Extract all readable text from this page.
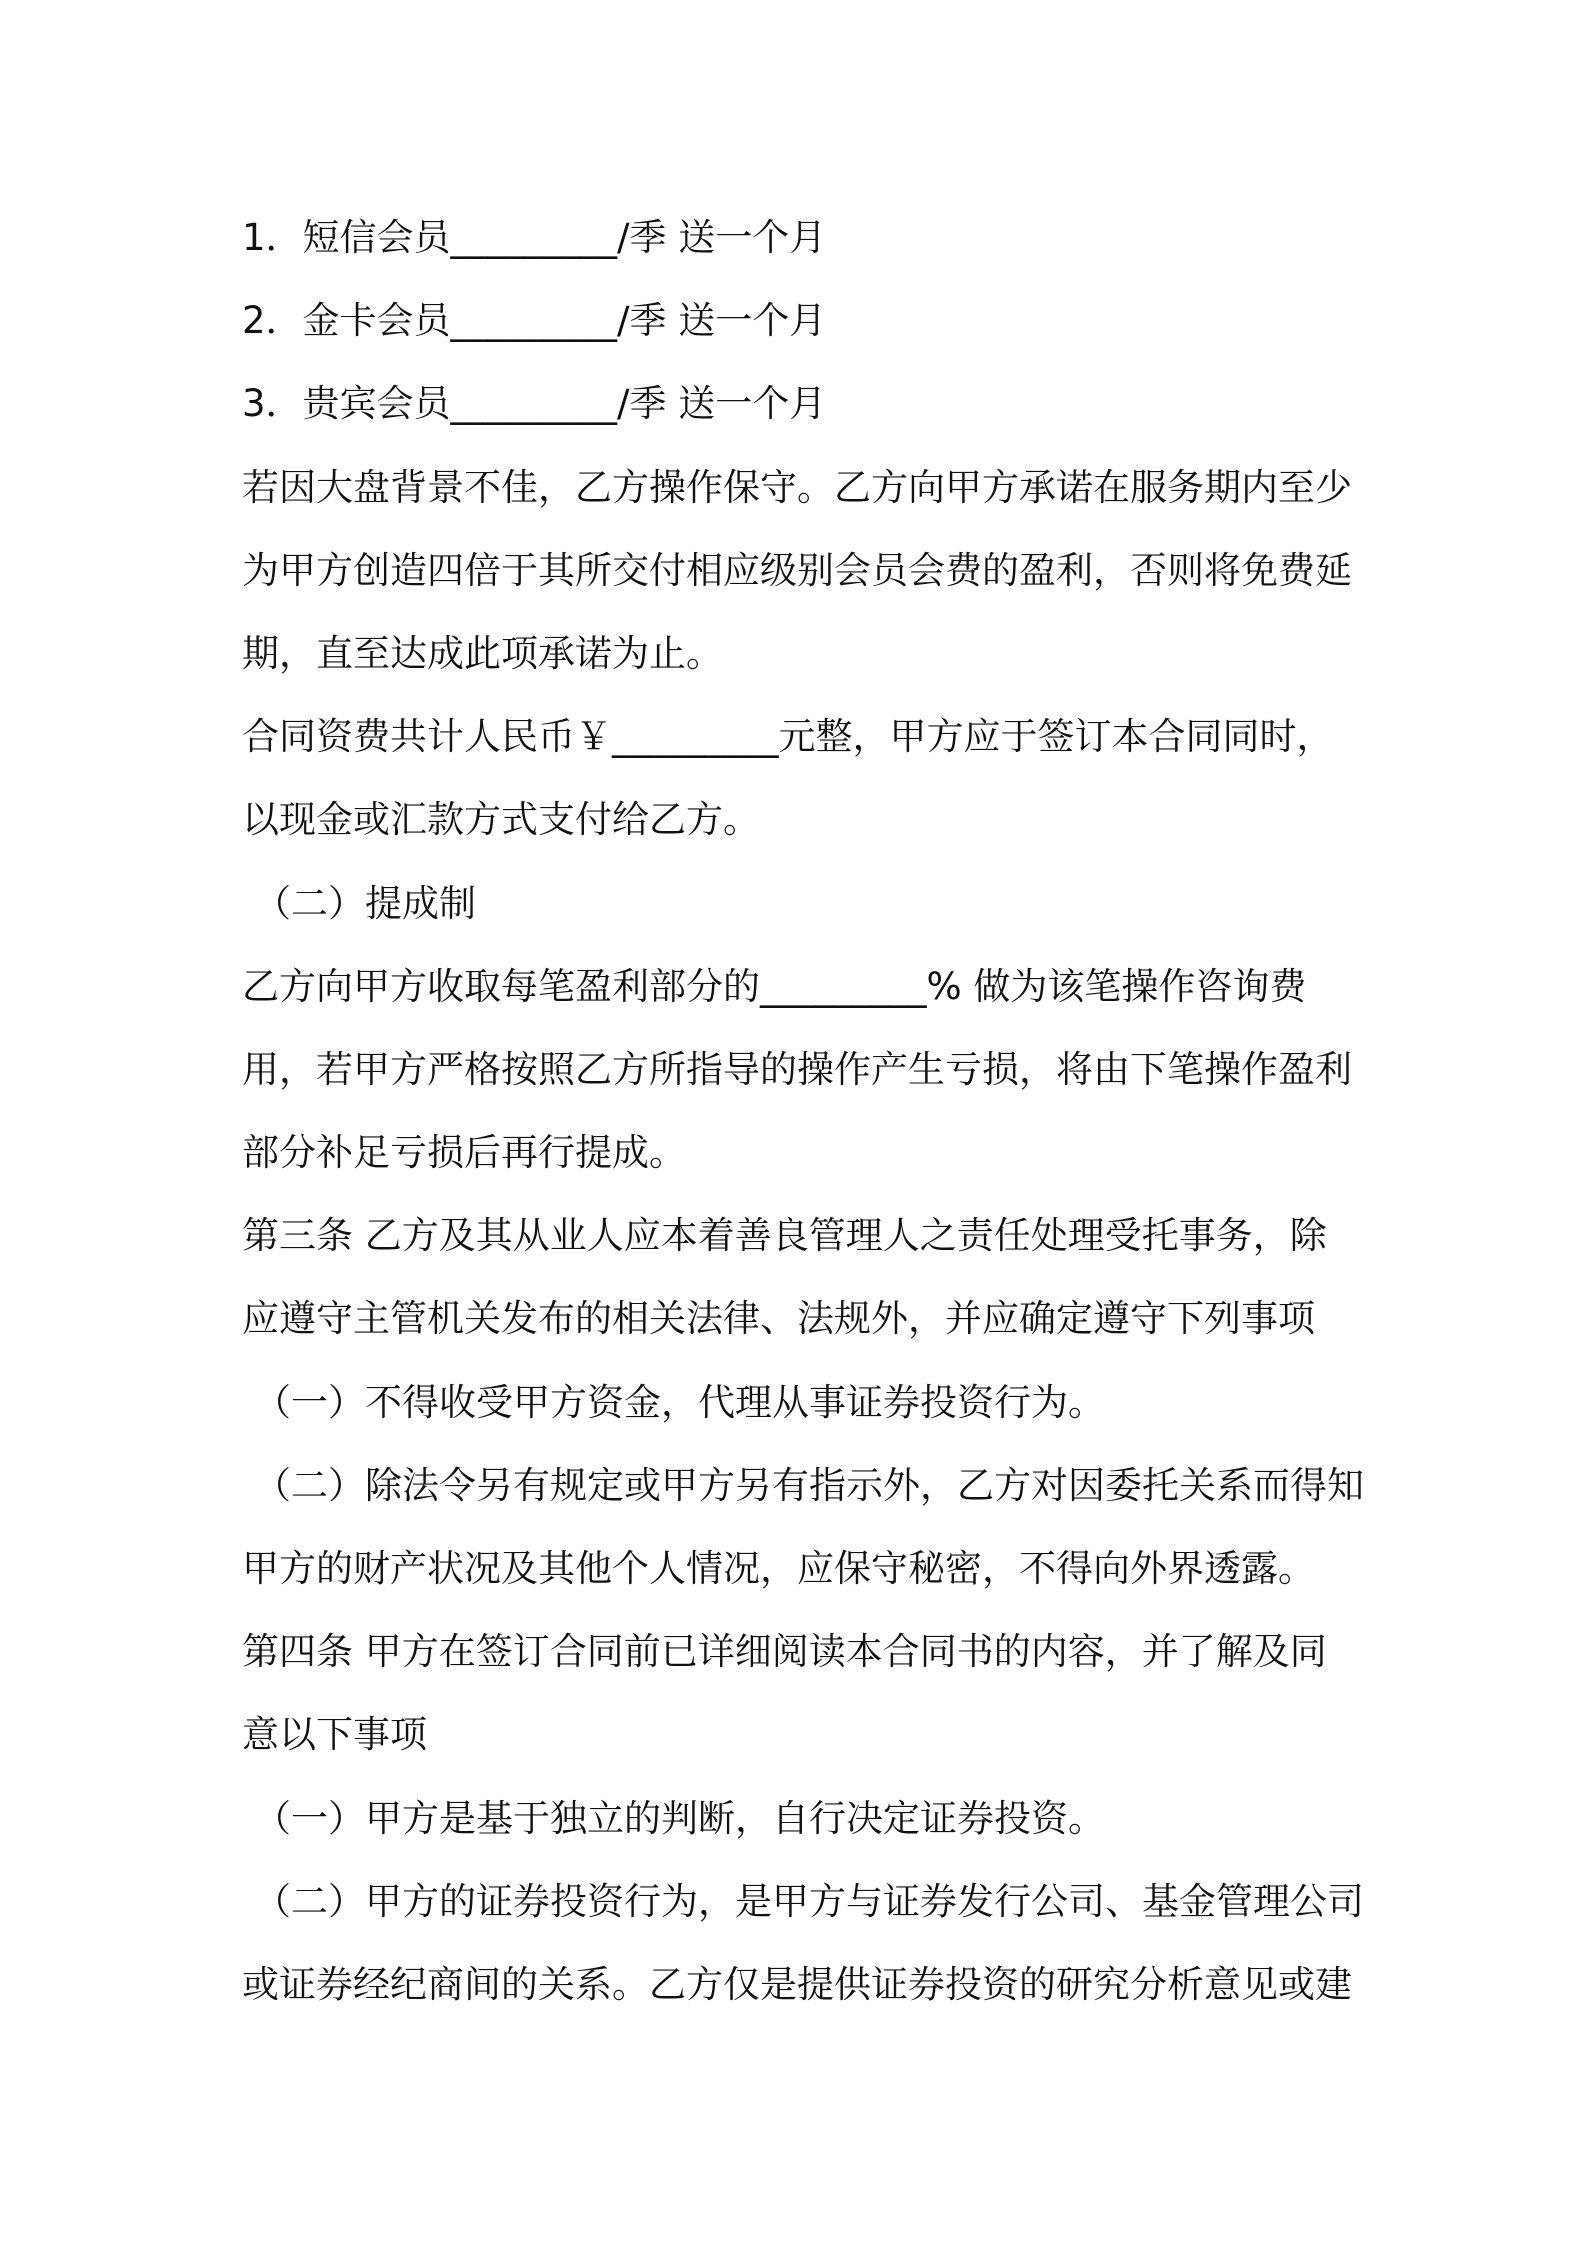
1．短信会员_________/季 送一个月
2．金卡会员_________/季 送一个月
3．贵宾会员_________/季 送一个月
若因大盘背景不佳，乙方操作保守。乙方向甲方承诺在服务期内至少
为甲方创造四倍于其所交付相应级别会员会费的盈利，否则将免费延
期，直至达成此项承诺为止。
合同资费共计人民币￥_________元整，甲方应于签订本合同同时，
以现金或汇款方式支付给乙方。
（二）提成制
乙方向甲方收取每笔盈利部分的_________% 做为该笔操作咨询费
用，若甲方严格按照乙方所指导的操作产生亏损，将由下笔操作盈利
部分补足亏损后再行提成。
第三条 乙方及其从业人应本着善良管理人之责任处理受托事务，除
应遵守主管机关发布的相关法律、法规外，并应确定遵守下列事项
（一）不得收受甲方资金，代理从事证券投资行为。
（二）除法令另有规定或甲方另有指示外，乙方对因委托关系而得知
甲方的财产状况及其他个人情况，应保守秘密，不得向外界透露。
第四条 甲方在签订合同前已详细阅读本合同书的内容，并了解及同
意以下事项
（一）甲方是基于独立的判断，自行决定证券投资。
（二）甲方的证券投资行为，是甲方与证券发行公司、基金管理公司
或证券经纪商间的关系。乙方仅是提供证券投资的研究分析意见或建
